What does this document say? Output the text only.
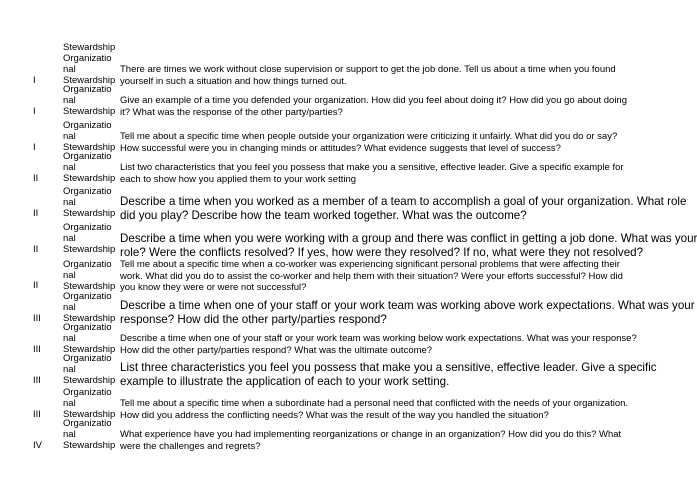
I
Stewardship
Organizatio
nal
Stewardship
There are times we work without close supervision or support to get the job done. Tell us about a time when you found
yourself in such a situation and how things turned out.
I
Organizatio
nal
Stewardship
Give an example of a time you defended your organization. How did you feel about doing it? How did you go about doing
it? What was the response of the other party/parties?
I
Organizatio
nal
Stewardship
Tell me about a specific time when people outside your organization were criticizing it unfairly. What did you do or say?
How successful were you in changing minds or attitudes? What evidence suggests that level of success?
II
Organizatio
nal
Stewardship
List two characteristics that you feel you possess that make you a sensitive, effective leader. Give a specific example for
each to show how you applied them to your work setting
II
Organizatio
nal
Stewardship
Describe a time when you worked as a member of a team to accomplish a goal of your organization. What role
did you play? Describe how the team worked together. What was the outcome?
II
Organizatio
nal
Stewardship
Describe a time when you were working with a group and there was conflict in getting a job done. What was your
role? Were the conflicts resolved? If yes, how were they resolved? If no, what were they not resolved?
II
Organizatio
nal
Stewardship
Tell me about a specific time when a co-worker was experiencing significant personal problems that were affecting their
work. What did you do to assist the co-worker and help them with their situation? Were your efforts successful? How did
you know they were or were not successful?
III
Organizatio
nal
Stewardship
Describe a time when one of your staff or your work team was working above work expectations. What was your
response? How did the other party/parties respond?
III
Organizatio
nal
Stewardship
Describe a time when one of your staff or your work team was working below work expectations. What was your response?
How did the other party/parties respond? What was the ultimate outcome?
III
Organizatio
nal
Stewardship
List three characteristics you feel you possess that make you a sensitive, effective leader. Give a specific
example to illustrate the application of each to your work setting.
III
Organizatio
nal
Stewardship
Tell me about a specific time when a subordinate had a personal need that conflicted with the needs of your organization.
How did you address the conflicting needs? What was the result of the way you handled the situation?
IV
Organizatio
nal
Stewardship
What experience have you had implementing reorganizations or change in an organization? How did you do this? What
were the challenges and regrets?
